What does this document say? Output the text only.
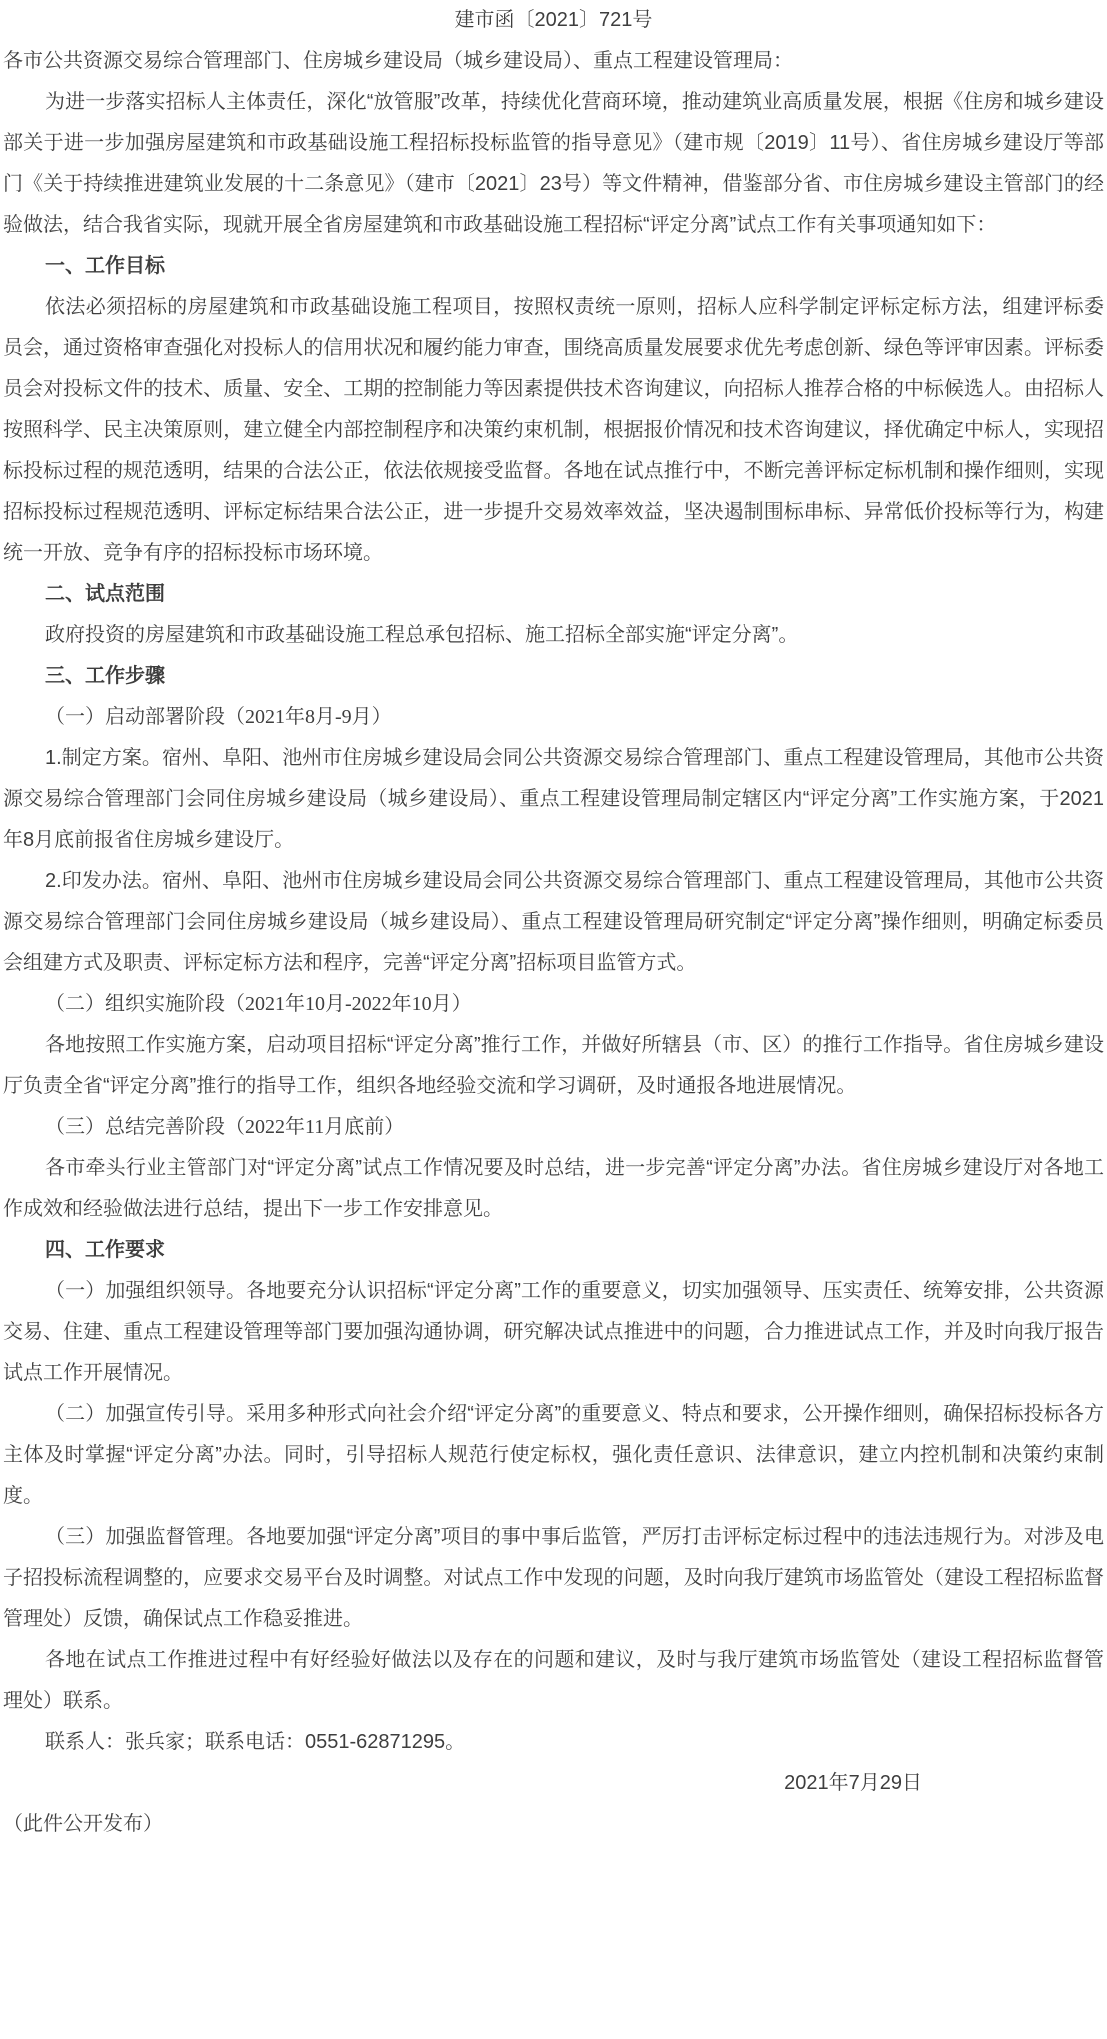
建市函〔2021〕721号

各市公共资源交易综合管理部门、住房城乡建设局（城乡建设局）、重点工程建设管理局：

为进一步落实招标人主体责任，深化“放管服”改革，持续优化营商环境，推动建筑业高质量发展，根据《住房和城乡建设部关于进一步加强房屋建筑和市政基础设施工程招标投标监管的指导意见》（建市规〔2019〕11号）、省住房城乡建设厅等部门《关于持续推进建筑业发展的十二条意见》（建市〔2021〕23号）等文件精神，借鉴部分省、市住房城乡建设主管部门的经验做法，结合我省实际，现就开展全省房屋建筑和市政基础设施工程招标“评定分离”试点工作有关事项通知如下：

一、工作目标

依法必须招标的房屋建筑和市政基础设施工程项目，按照权责统一原则，招标人应科学制定评标定标方法，组建评标委员会，通过资格审查强化对投标人的信用状况和履约能力审查，围绕高质量发展要求优先考虑创新、绿色等评审因素。评标委员会对投标文件的技术、质量、安全、工期的控制能力等因素提供技术咨询建议，向招标人推荐合格的中标候选人。由招标人按照科学、民主决策原则，建立健全内部控制程序和决策约束机制，根据报价情况和技术咨询建议，择优确定中标人，实现招标投标过程的规范透明，结果的合法公正，依法依规接受监督。各地在试点推行中，不断完善评标定标机制和操作细则，实现招标投标过程规范透明、评标定标结果合法公正，进一步提升交易效率效益，坚决遏制围标串标、异常低价投标等行为，构建统一开放、竞争有序的招标投标市场环境。

二、试点范围

政府投资的房屋建筑和市政基础设施工程总承包招标、施工招标全部实施“评定分离”。

三、工作步骤

（一）启动部署阶段（2021年8月-9月）

1.制定方案。宿州、阜阳、池州市住房城乡建设局会同公共资源交易综合管理部门、重点工程建设管理局，其他市公共资源交易综合管理部门会同住房城乡建设局（城乡建设局）、重点工程建设管理局制定辖区内“评定分离”工作实施方案，于2021年8月底前报省住房城乡建设厅。

2.印发办法。宿州、阜阳、池州市住房城乡建设局会同公共资源交易综合管理部门、重点工程建设管理局，其他市公共资源交易综合管理部门会同住房城乡建设局（城乡建设局）、重点工程建设管理局研究制定“评定分离”操作细则，明确定标委员会组建方式及职责、评标定标方法和程序，完善“评定分离”招标项目监管方式。

（二）组织实施阶段（2021年10月-2022年10月）

各地按照工作实施方案，启动项目招标“评定分离”推行工作，并做好所辖县（市、区）的推行工作指导。省住房城乡建设厅负责全省“评定分离”推行的指导工作，组织各地经验交流和学习调研，及时通报各地进展情况。

（三）总结完善阶段（2022年11月底前）

各市牵头行业主管部门对“评定分离”试点工作情况要及时总结，进一步完善“评定分离”办法。省住房城乡建设厅对各地工作成效和经验做法进行总结，提出下一步工作安排意见。

四、工作要求

（一）加强组织领导。各地要充分认识招标“评定分离”工作的重要意义，切实加强领导、压实责任、统筹安排，公共资源交易、住建、重点工程建设管理等部门要加强沟通协调，研究解决试点推进中的问题，合力推进试点工作，并及时向我厅报告试点工作开展情况。

（二）加强宣传引导。采用多种形式向社会介绍“评定分离”的重要意义、特点和要求，公开操作细则，确保招标投标各方主体及时掌握“评定分离”办法。同时，引导招标人规范行使定标权，强化责任意识、法律意识，建立内控机制和决策约束制度。

（三）加强监督管理。各地要加强“评定分离”项目的事中事后监管，严厉打击评标定标过程中的违法违规行为。对涉及电子招投标流程调整的，应要求交易平台及时调整。对试点工作中发现的问题，及时向我厅建筑市场监管处（建设工程招标监督管理处）反馈，确保试点工作稳妥推进。

各地在试点工作推进过程中有好经验好做法以及存在的问题和建议，及时与我厅建筑市场监管处（建设工程招标监督管理处）联系。

联系人：张兵家；联系电话：0551-62871295。

2021年7月29日

（此件公开发布）
